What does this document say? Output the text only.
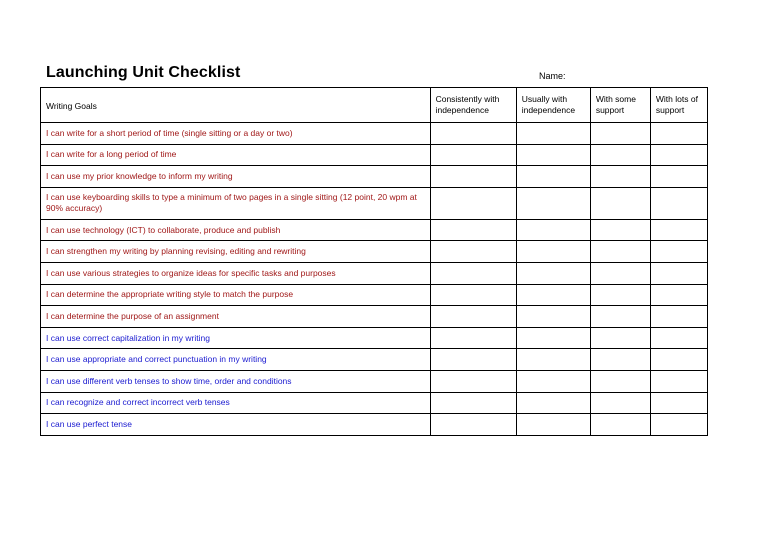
Launching Unit Checklist	Name:
Writing Goals	Consistently with independence	Usually with independence	With some support	With lots of support
I can write for a short period of time (single sitting or a day or two)				
I can write for a long period of time				
I can use my prior knowledge to inform my writing				
I can use keyboarding skills to type a minimum of two pages in a single sitting (12 point, 20 wpm at 90% accuracy)				
I can use technology (ICT) to collaborate, produce and publish				
I can strengthen my writing by planning revising, editing and rewriting				
I can use various strategies to organize ideas for specific tasks and purposes				
I can determine the appropriate writing style to match the purpose				
I can determine the purpose of an assignment				
I can use correct capitalization in my writing				
I can use appropriate and correct punctuation in my writing				
I can use different verb tenses to show time, order and conditions				
I can recognize and correct incorrect verb tenses				
I can use perfect tense				
